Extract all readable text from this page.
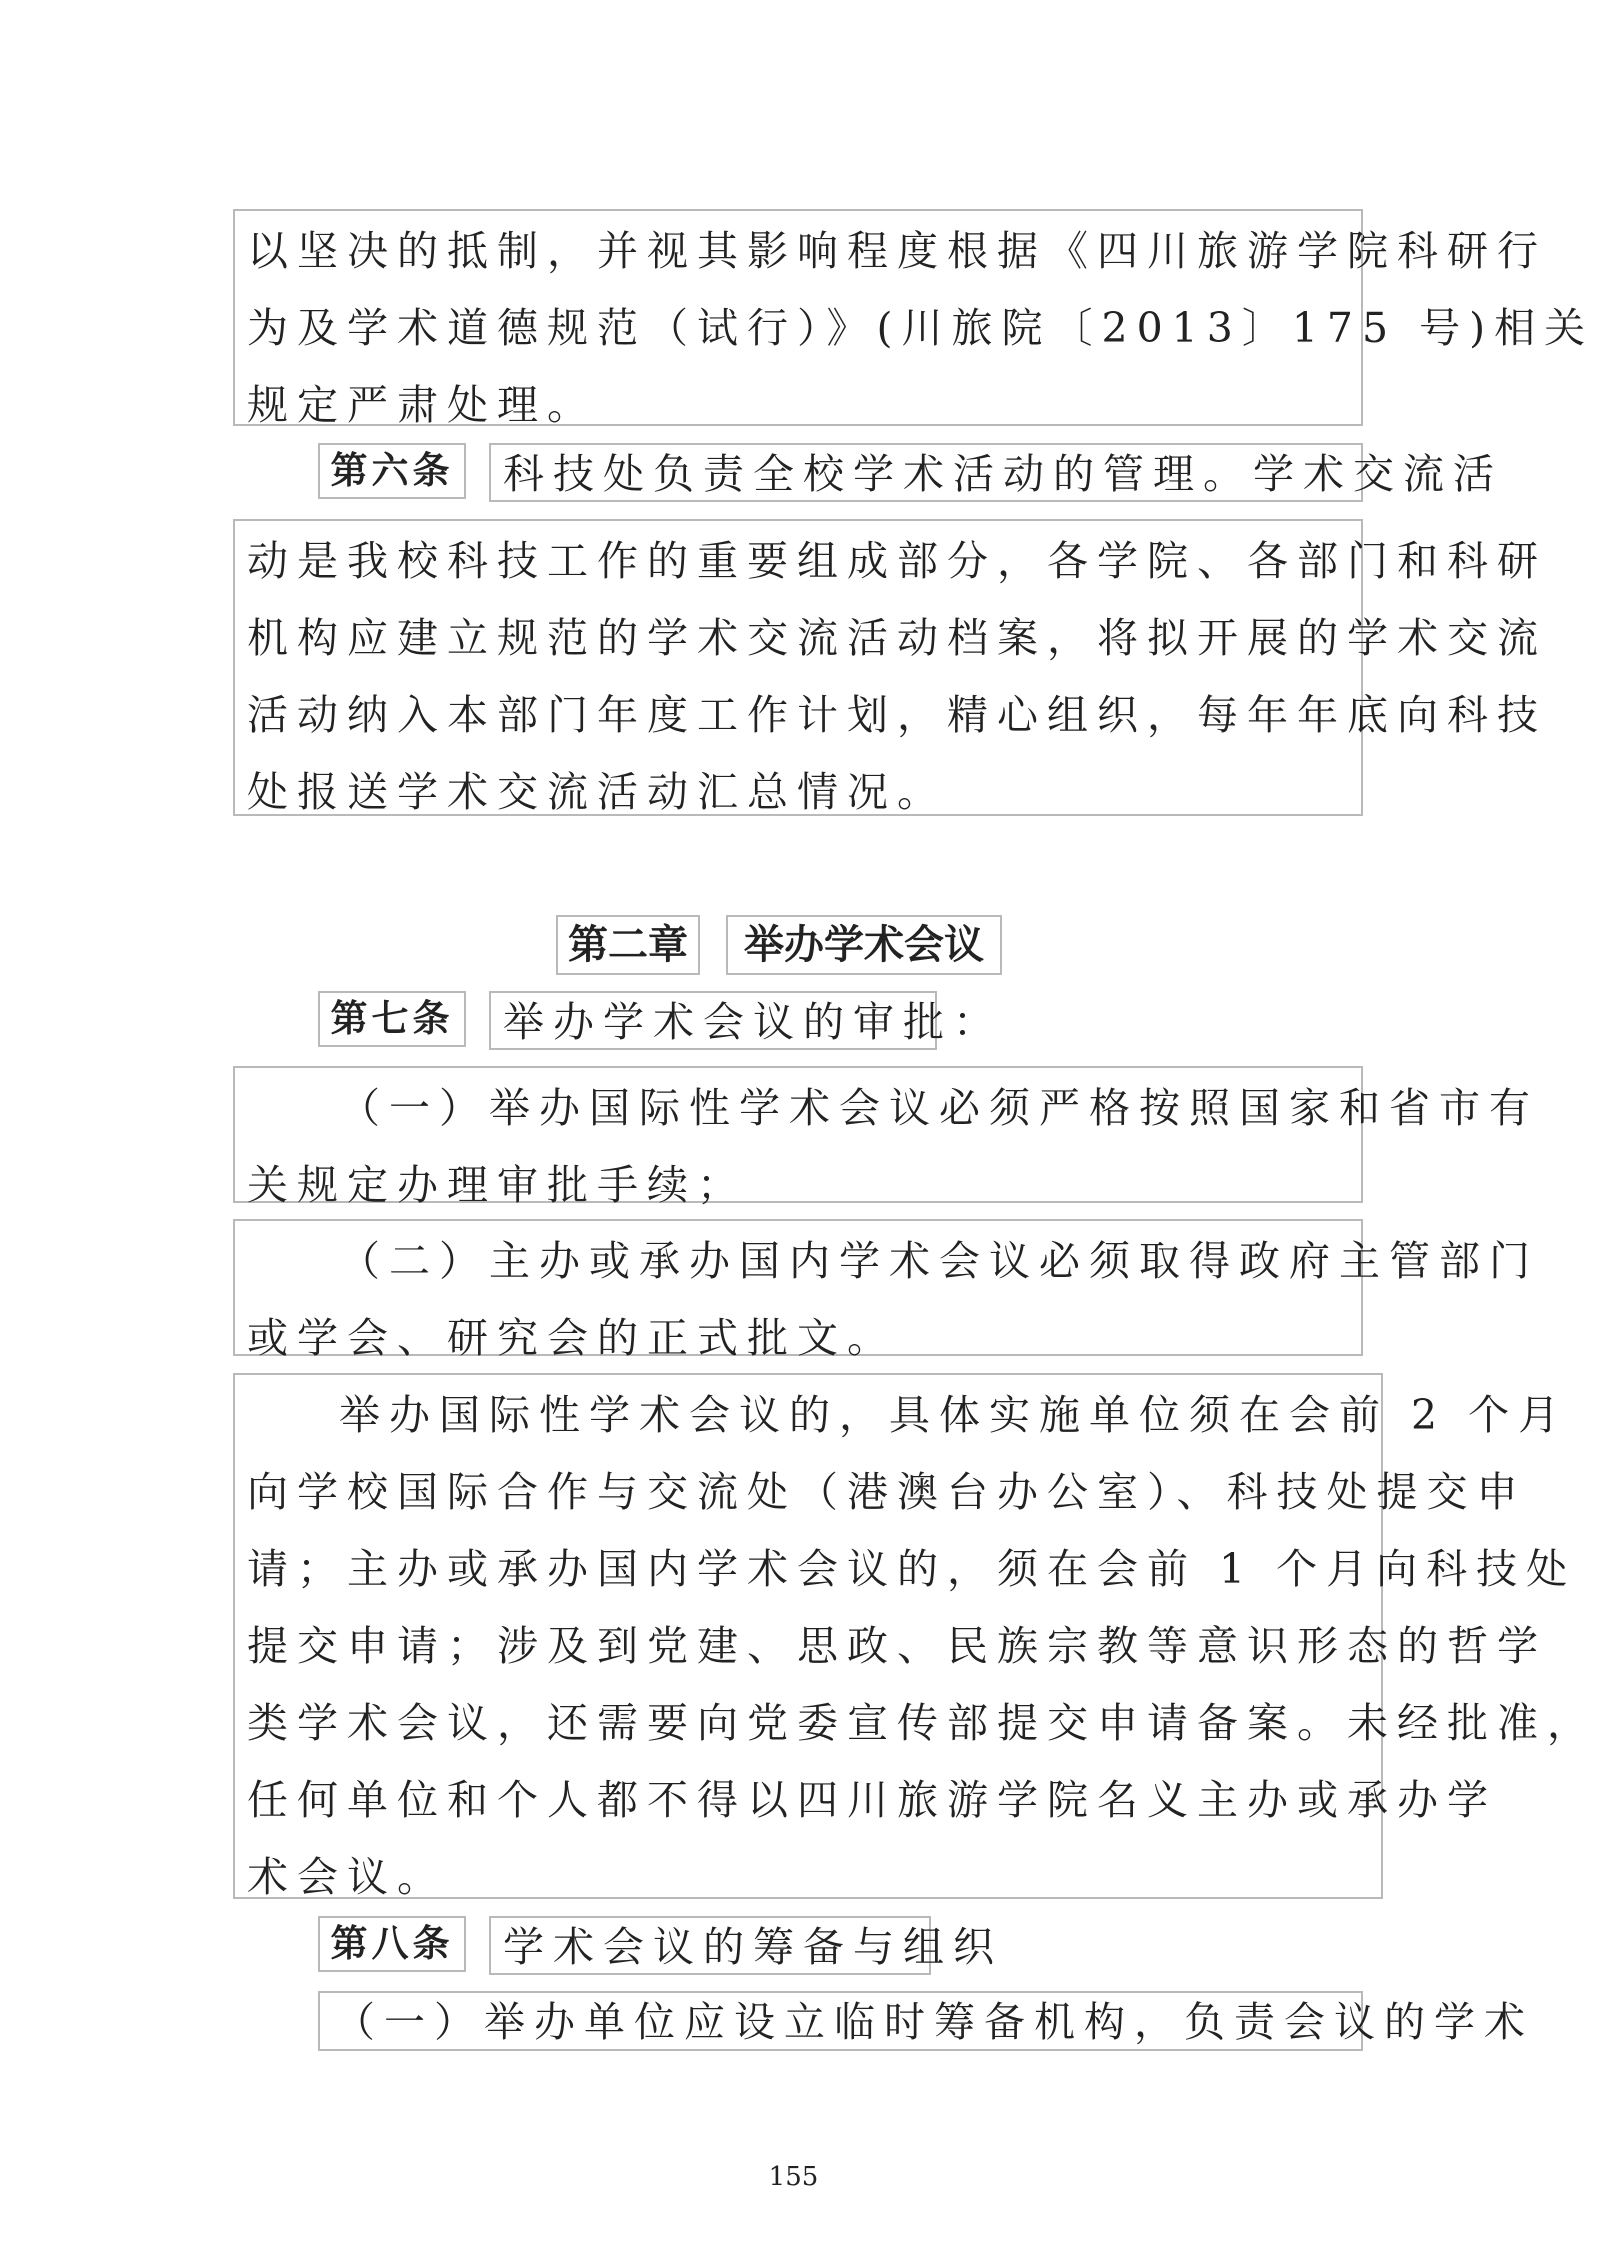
以坚决的抵制，并视其影响程度根据《四川旅游学院科研行
为及学术道德规范（试行）》(川旅院〔2013〕175 号)相关
规定严肃处理。
第六条	科技处负责全校学术活动的管理。学术交流活
动是我校科技工作的重要组成部分，各学院、各部门和科研
机构应建立规范的学术交流活动档案，将拟开展的学术交流
活动纳入本部门年度工作计划，精心组织，每年年底向科技
处报送学术交流活动汇总情况。
第二章	举办学术会议
第七条	举办学术会议的审批：
（一）举办国际性学术会议必须严格按照国家和省市有
关规定办理审批手续；
（二）主办或承办国内学术会议必须取得政府主管部门
或学会、研究会的正式批文。
举办国际性学术会议的，具体实施单位须在会前 2 个月
向学校国际合作与交流处（港澳台办公室）、科技处提交申
请；主办或承办国内学术会议的，须在会前 1 个月向科技处
提交申请；涉及到党建、思政、民族宗教等意识形态的哲学
类学术会议，还需要向党委宣传部提交申请备案。未经批准，
任何单位和个人都不得以四川旅游学院名义主办或承办学
术会议。
第八条	学术会议的筹备与组织
（一）举办单位应设立临时筹备机构，负责会议的学术
155
